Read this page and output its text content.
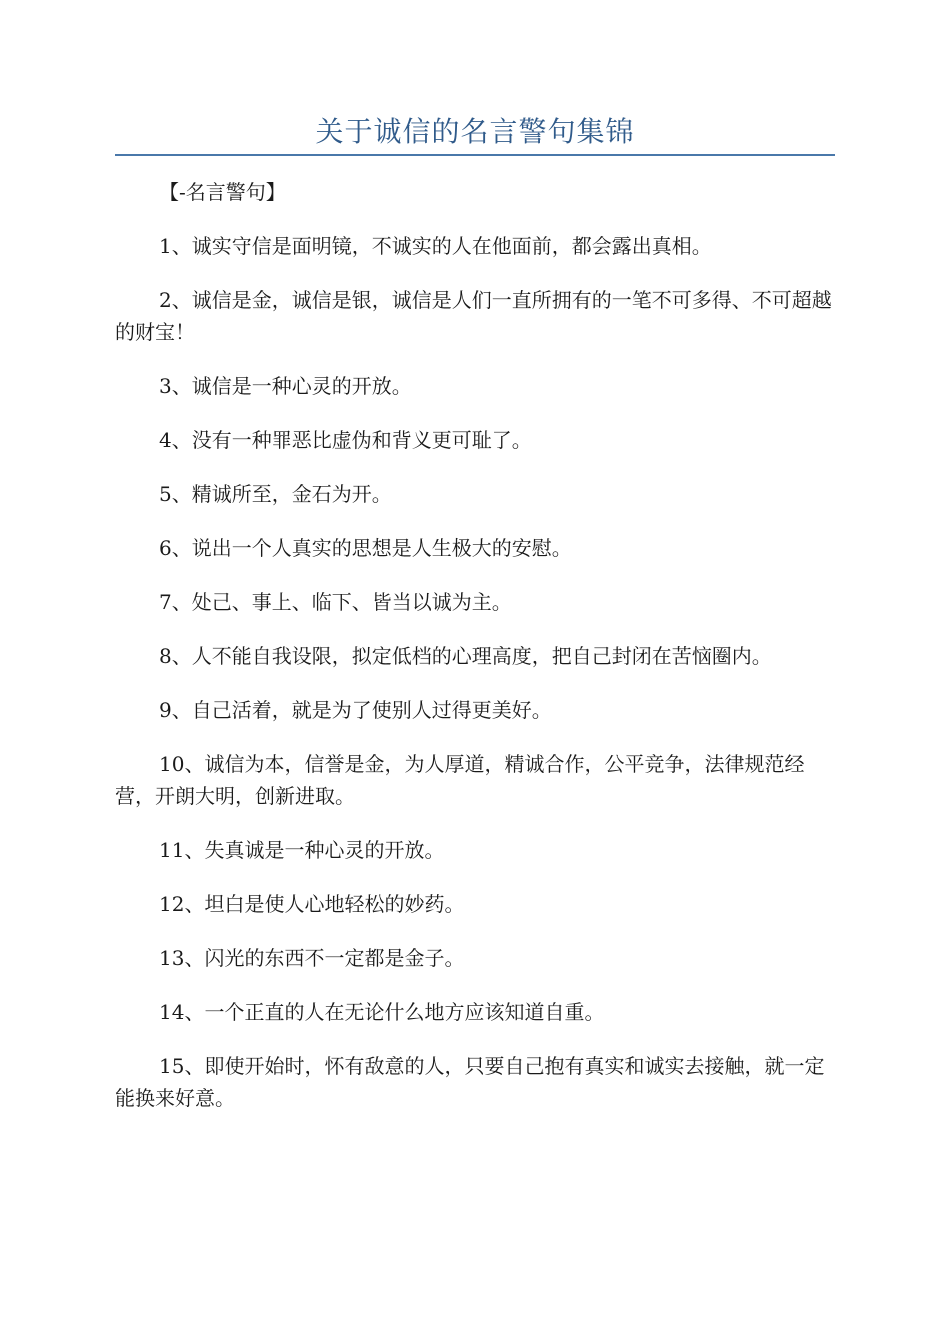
关于诚信的名言警句集锦

【-名言警句】

1、诚实守信是面明镜，不诚实的人在他面前，都会露出真相。

2、诚信是金，诚信是银，诚信是人们一直所拥有的一笔不可多得、不可超越的财宝！

3、诚信是一种心灵的开放。

4、没有一种罪恶比虚伪和背义更可耻了。

5、精诚所至，金石为开。

6、说出一个人真实的思想是人生极大的安慰。

7、处己、事上、临下、皆当以诚为主。

8、人不能自我设限，拟定低档的心理高度，把自己封闭在苦恼圈内。

9、自己活着，就是为了使别人过得更美好。

10、诚信为本，信誉是金，为人厚道，精诚合作，公平竞争，法律规范经营，开朗大明，创新进取。

11、失真诚是一种心灵的开放。

12、坦白是使人心地轻松的妙药。

13、闪光的东西不一定都是金子。

14、一个正直的人在无论什么地方应该知道自重。

15、即使开始时，怀有敌意的人，只要自己抱有真实和诚实去接触，就一定能换来好意。
